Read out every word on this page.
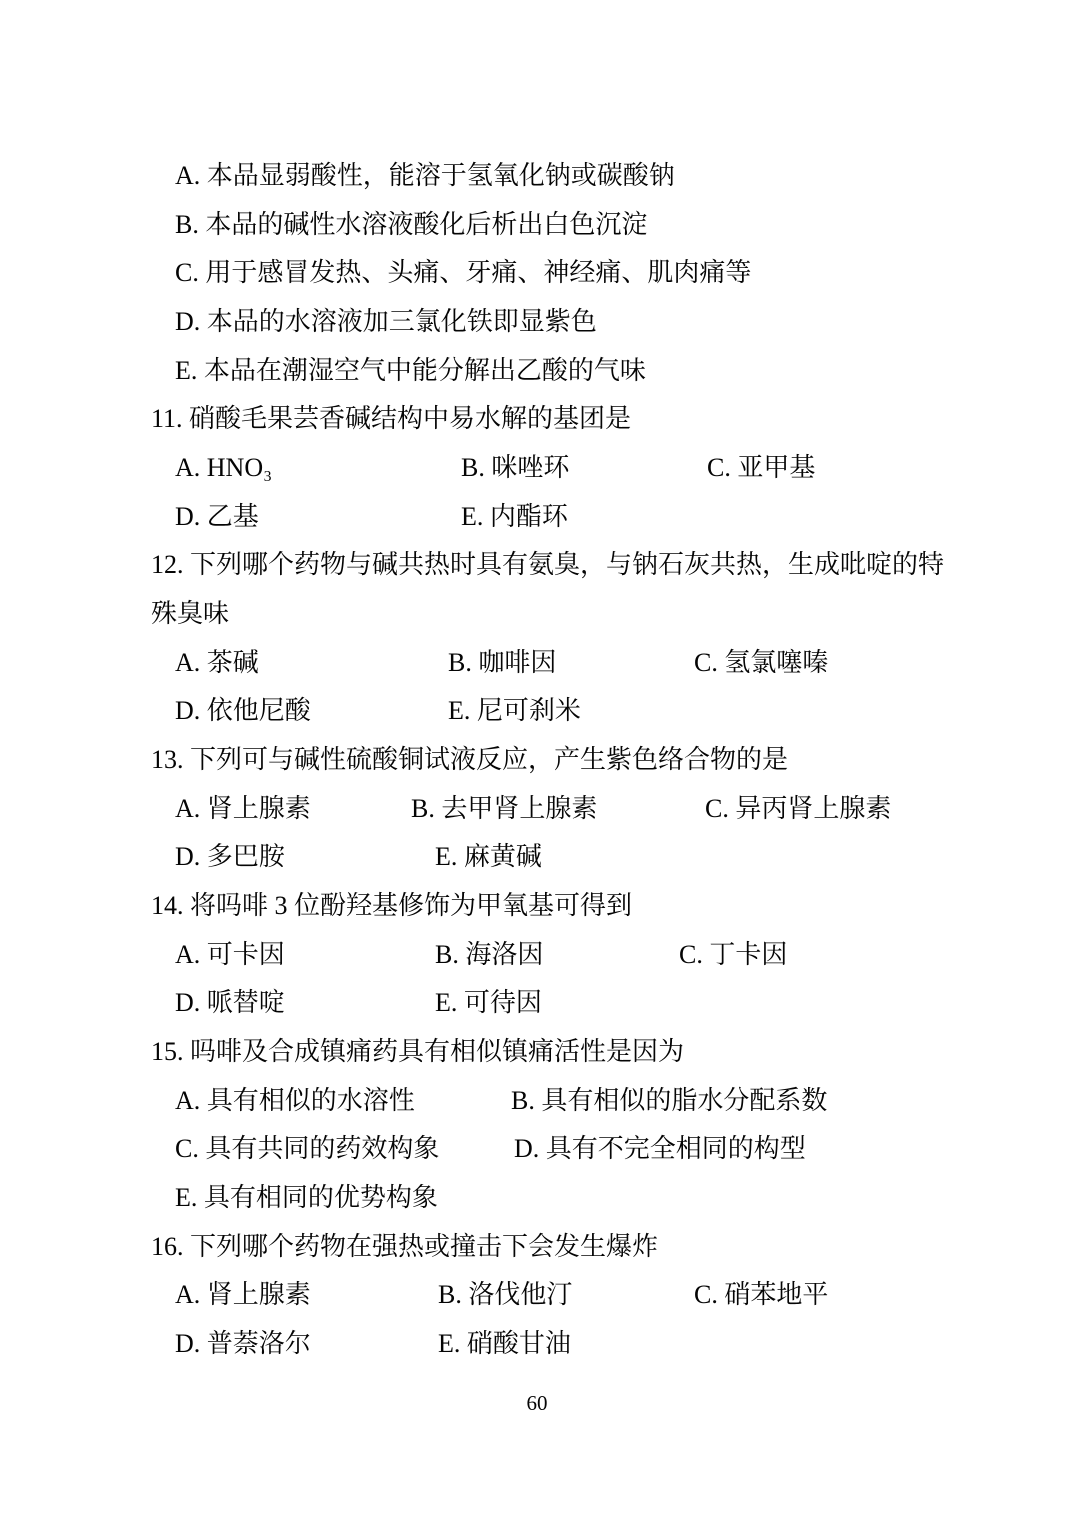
A. 本品显弱酸性，能溶于氢氧化钠或碳酸钠
B. 本品的碱性水溶液酸化后析出白色沉淀
C. 用于感冒发热、头痛、牙痛、神经痛、肌肉痛等
D. 本品的水溶液加三氯化铁即显紫色
E. 本品在潮湿空气中能分解出乙酸的气味
11. 硝酸毛果芸香碱结构中易水解的基团是
A. HNO₃	B. 咪唑环	C. 亚甲基
D. 乙基	E. 内酯环
12. 下列哪个药物与碱共热时具有氨臭，与钠石灰共热，生成吡啶的特
殊臭味
A. 茶碱	B. 咖啡因	C. 氢氯噻嗪
D. 依他尼酸	E. 尼可刹米
13. 下列可与碱性硫酸铜试液反应，产生紫色络合物的是
A. 肾上腺素	B. 去甲肾上腺素	C. 异丙肾上腺素
D. 多巴胺	E. 麻黄碱
14. 将吗啡 3 位酚羟基修饰为甲氧基可得到
A. 可卡因	B. 海洛因	C. 丁卡因
D. 哌替啶	E. 可待因
15. 吗啡及合成镇痛药具有相似镇痛活性是因为
A. 具有相似的水溶性	B. 具有相似的脂水分配系数
C. 具有共同的药效构象	D. 具有不完全相同的构型
E. 具有相同的优势构象
16. 下列哪个药物在强热或撞击下会发生爆炸
A. 肾上腺素	B. 洛伐他汀	C. 硝苯地平
D. 普萘洛尔	E. 硝酸甘油
60
